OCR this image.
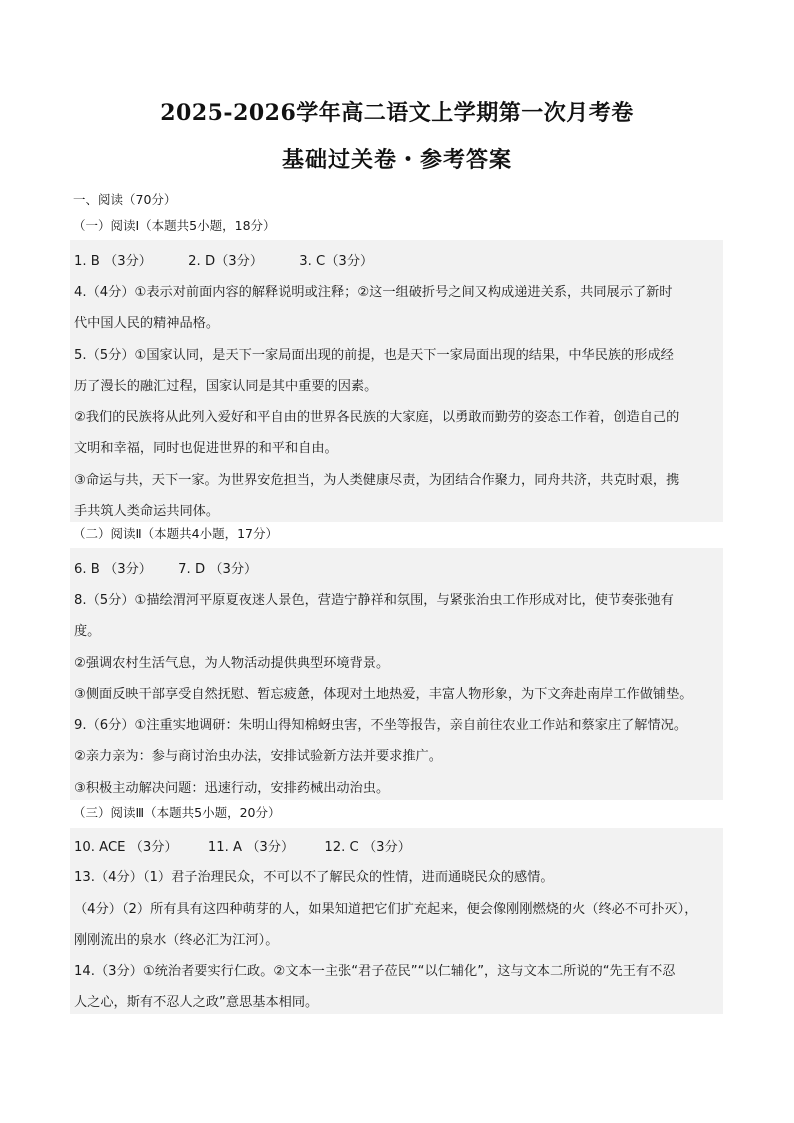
2025-2026学年高二语文上学期第一次月考卷
基础过关卷・参考答案
一、阅读（70分）
（一）阅读Ⅰ（本题共5小题，18分）
1. B （3分）	2. D（3分）	3. C（3分）
4.（4分）①表示对前面内容的解释说明或注释；②这一组破折号之间又构成递进关系，共同展示了新时
代中国人民的精神品格。
5.（5分）①国家认同，是天下一家局面出现的前提，也是天下一家局面出现的结果，中华民族的形成经
历了漫长的融汇过程，国家认同是其中重要的因素。
②我们的民族将从此列入爱好和平自由的世界各民族的大家庭，以勇敢而勤劳的姿态工作着，创造自己的
文明和幸福，同时也促进世界的和平和自由。
③命运与共，天下一家。为世界安危担当，为人类健康尽责，为团结合作聚力，同舟共济，共克时艰，携
手共筑人类命运共同体。
（二）阅读Ⅱ（本题共4小题，17分）
6. B （3分） 7. D （3分）
8.（5分）①描绘渭河平原夏夜迷人景色，营造宁静祥和氛围，与紧张治虫工作形成对比，使节奏张弛有
度。
②强调农村生活气息，为人物活动提供典型环境背景。
③侧面反映干部享受自然抚慰、暂忘疲惫，体现对土地热爱，丰富人物形象，为下文奔赴南岸工作做铺垫。
9.（6分）①注重实地调研：朱明山得知棉蚜虫害，不坐等报告，亲自前往农业工作站和蔡家庄了解情况。
②亲力亲为：参与商讨治虫办法，安排试验新方法并要求推广。
③积极主动解决问题：迅速行动，安排药械出动治虫。
（三）阅读Ⅲ（本题共5小题，20分）
10. ACE （3分） 11. A （3分） 12. C （3分）
13.（4分）（1）君子治理民众，不可以不了解民众的性情，进而通晓民众的感情。
（4分）（2）所有具有这四种萌芽的人，如果知道把它们扩充起来，便会像刚刚燃烧的火（终必不可扑灭），
刚刚流出的泉水（终必汇为江河）。
14.（3分）①统治者要实行仁政。②文本一主张“君子莅民”“以仁辅化”，这与文本二所说的“先王有不忍
人之心，斯有不忍人之政”意思基本相同。
